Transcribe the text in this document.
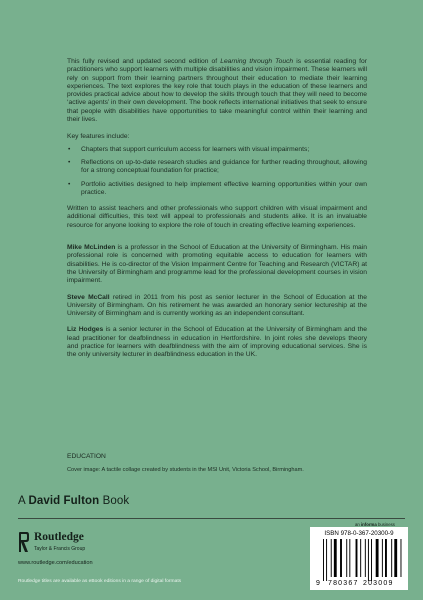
This fully revised and updated second edition of Learning through Touch is essential reading for practitioners who support learners with multiple disabilities and vision impairment. These learners will rely on support from their learning partners throughout their education to mediate their learning experiences. The text explores the key role that touch plays in the education of these learners and provides practical advice about how to develop the skills through touch that they will need to become ‘active agents’ in their own development. The book reflects international initiatives that seek to ensure that people with disabilities have opportunities to take meaningful control within their learning and their lives.

Key features include:

• Chapters that support curriculum access for learners with visual impairments;
• Reflections on up-to-date research studies and guidance for further reading throughout, allowing for a strong conceptual foundation for practice;
• Portfolio activities designed to help implement effective learning opportunities within your own practice.

Written to assist teachers and other professionals who support children with visual impairment and additional difficulties, this text will appeal to professionals and students alike. It is an invaluable resource for anyone looking to explore the role of touch in creating effective learning experiences.

Mike McLinden is a professor in the School of Education at the University of Birmingham. His main professional role is concerned with promoting equitable access to education for learners with disabilities. He is co-director of the Vision Impairment Centre for Teaching and Research (VICTAR) at the University of Birmingham and programme lead for the professional development courses in vision impairment.

Steve McCall retired in 2011 from his post as senior lecturer in the School of Education at the University of Birmingham. On his retirement he was awarded an honorary senior lectureship at the University of Birmingham and is currently working as an independent consultant.

Liz Hodges is a senior lecturer in the School of Education at the University of Birmingham and the lead practitioner for deafblindness in education in Hertfordshire. In joint roles she develops theory and practice for learners with deafblindness with the aim of improving educational services. She is the only university lecturer in deafblindness education in the UK.

EDUCATION
Cover image: A tactile collage created by students in the MSI Unit, Victoria School, Birmingham.
A David Fulton Book
Routledge
Taylor & Francis Group
www.routledge.com/education
Routledge titles are available as eBook editions in a range of digital formats
an informa business
ISBN 978-0-367-20300-9
9 780367 203009
